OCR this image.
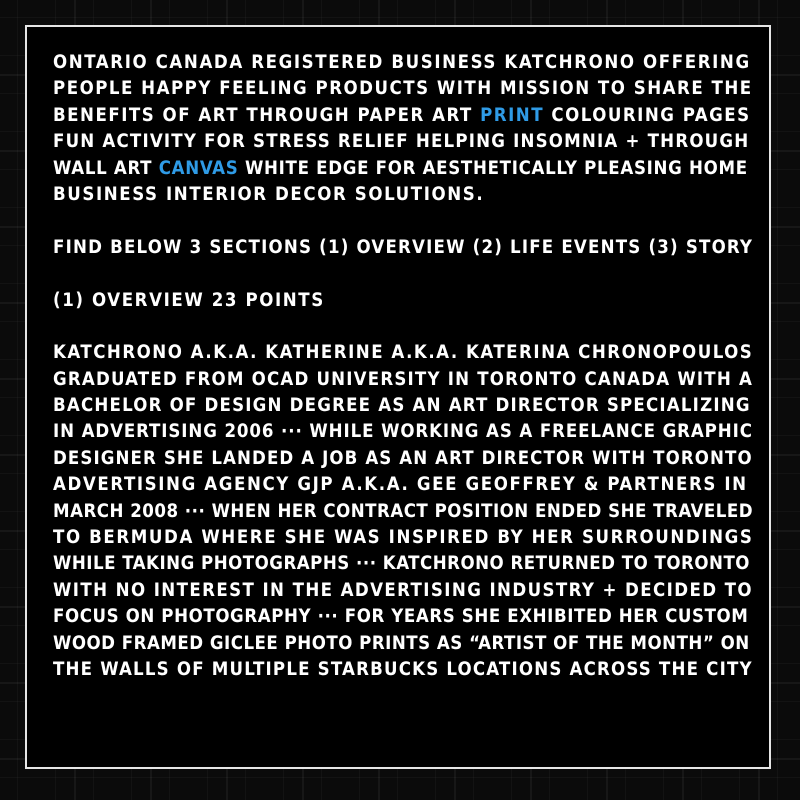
ONTARIO CANADA REGISTERED BUSINESS KATCHRONO OFFERING
PEOPLE HAPPY FEELING PRODUCTS WITH MISSION TO SHARE THE
BENEFITS OF ART THROUGH PAPER ART PRINT COLOURING PAGES
FUN ACTIVITY FOR STRESS RELIEF HELPING INSOMNIA + THROUGH
WALL ART CANVAS WHITE EDGE FOR AESTHETICALLY PLEASING HOME
BUSINESS INTERIOR DECOR SOLUTIONS.
FIND BELOW 3 SECTIONS (1) OVERVIEW (2) LIFE EVENTS (3) STORY
(1) OVERVIEW 23 POINTS
KATCHRONO A.K.A. KATHERINE A.K.A. KATERINA CHRONOPOULOS
GRADUATED FROM OCAD UNIVERSITY IN TORONTO CANADA WITH A
BACHELOR OF DESIGN DEGREE AS AN ART DIRECTOR SPECIALIZING
IN ADVERTISING 2006 ··· WHILE WORKING AS A FREELANCE GRAPHIC
DESIGNER SHE LANDED A JOB AS AN ART DIRECTOR WITH TORONTO
ADVERTISING AGENCY GJP A.K.A. GEE GEOFFREY & PARTNERS IN
MARCH 2008 ··· WHEN HER CONTRACT POSITION ENDED SHE TRAVELED
TO BERMUDA WHERE SHE WAS INSPIRED BY HER SURROUNDINGS
WHILE TAKING PHOTOGRAPHS ··· KATCHRONO RETURNED TO TORONTO
WITH NO INTEREST IN THE ADVERTISING INDUSTRY + DECIDED TO
FOCUS ON PHOTOGRAPHY ··· FOR YEARS SHE EXHIBITED HER CUSTOM
WOOD FRAMED GICLEE PHOTO PRINTS AS “ARTIST OF THE MONTH” ON
THE WALLS OF MULTIPLE STARBUCKS LOCATIONS ACROSS THE CITY
